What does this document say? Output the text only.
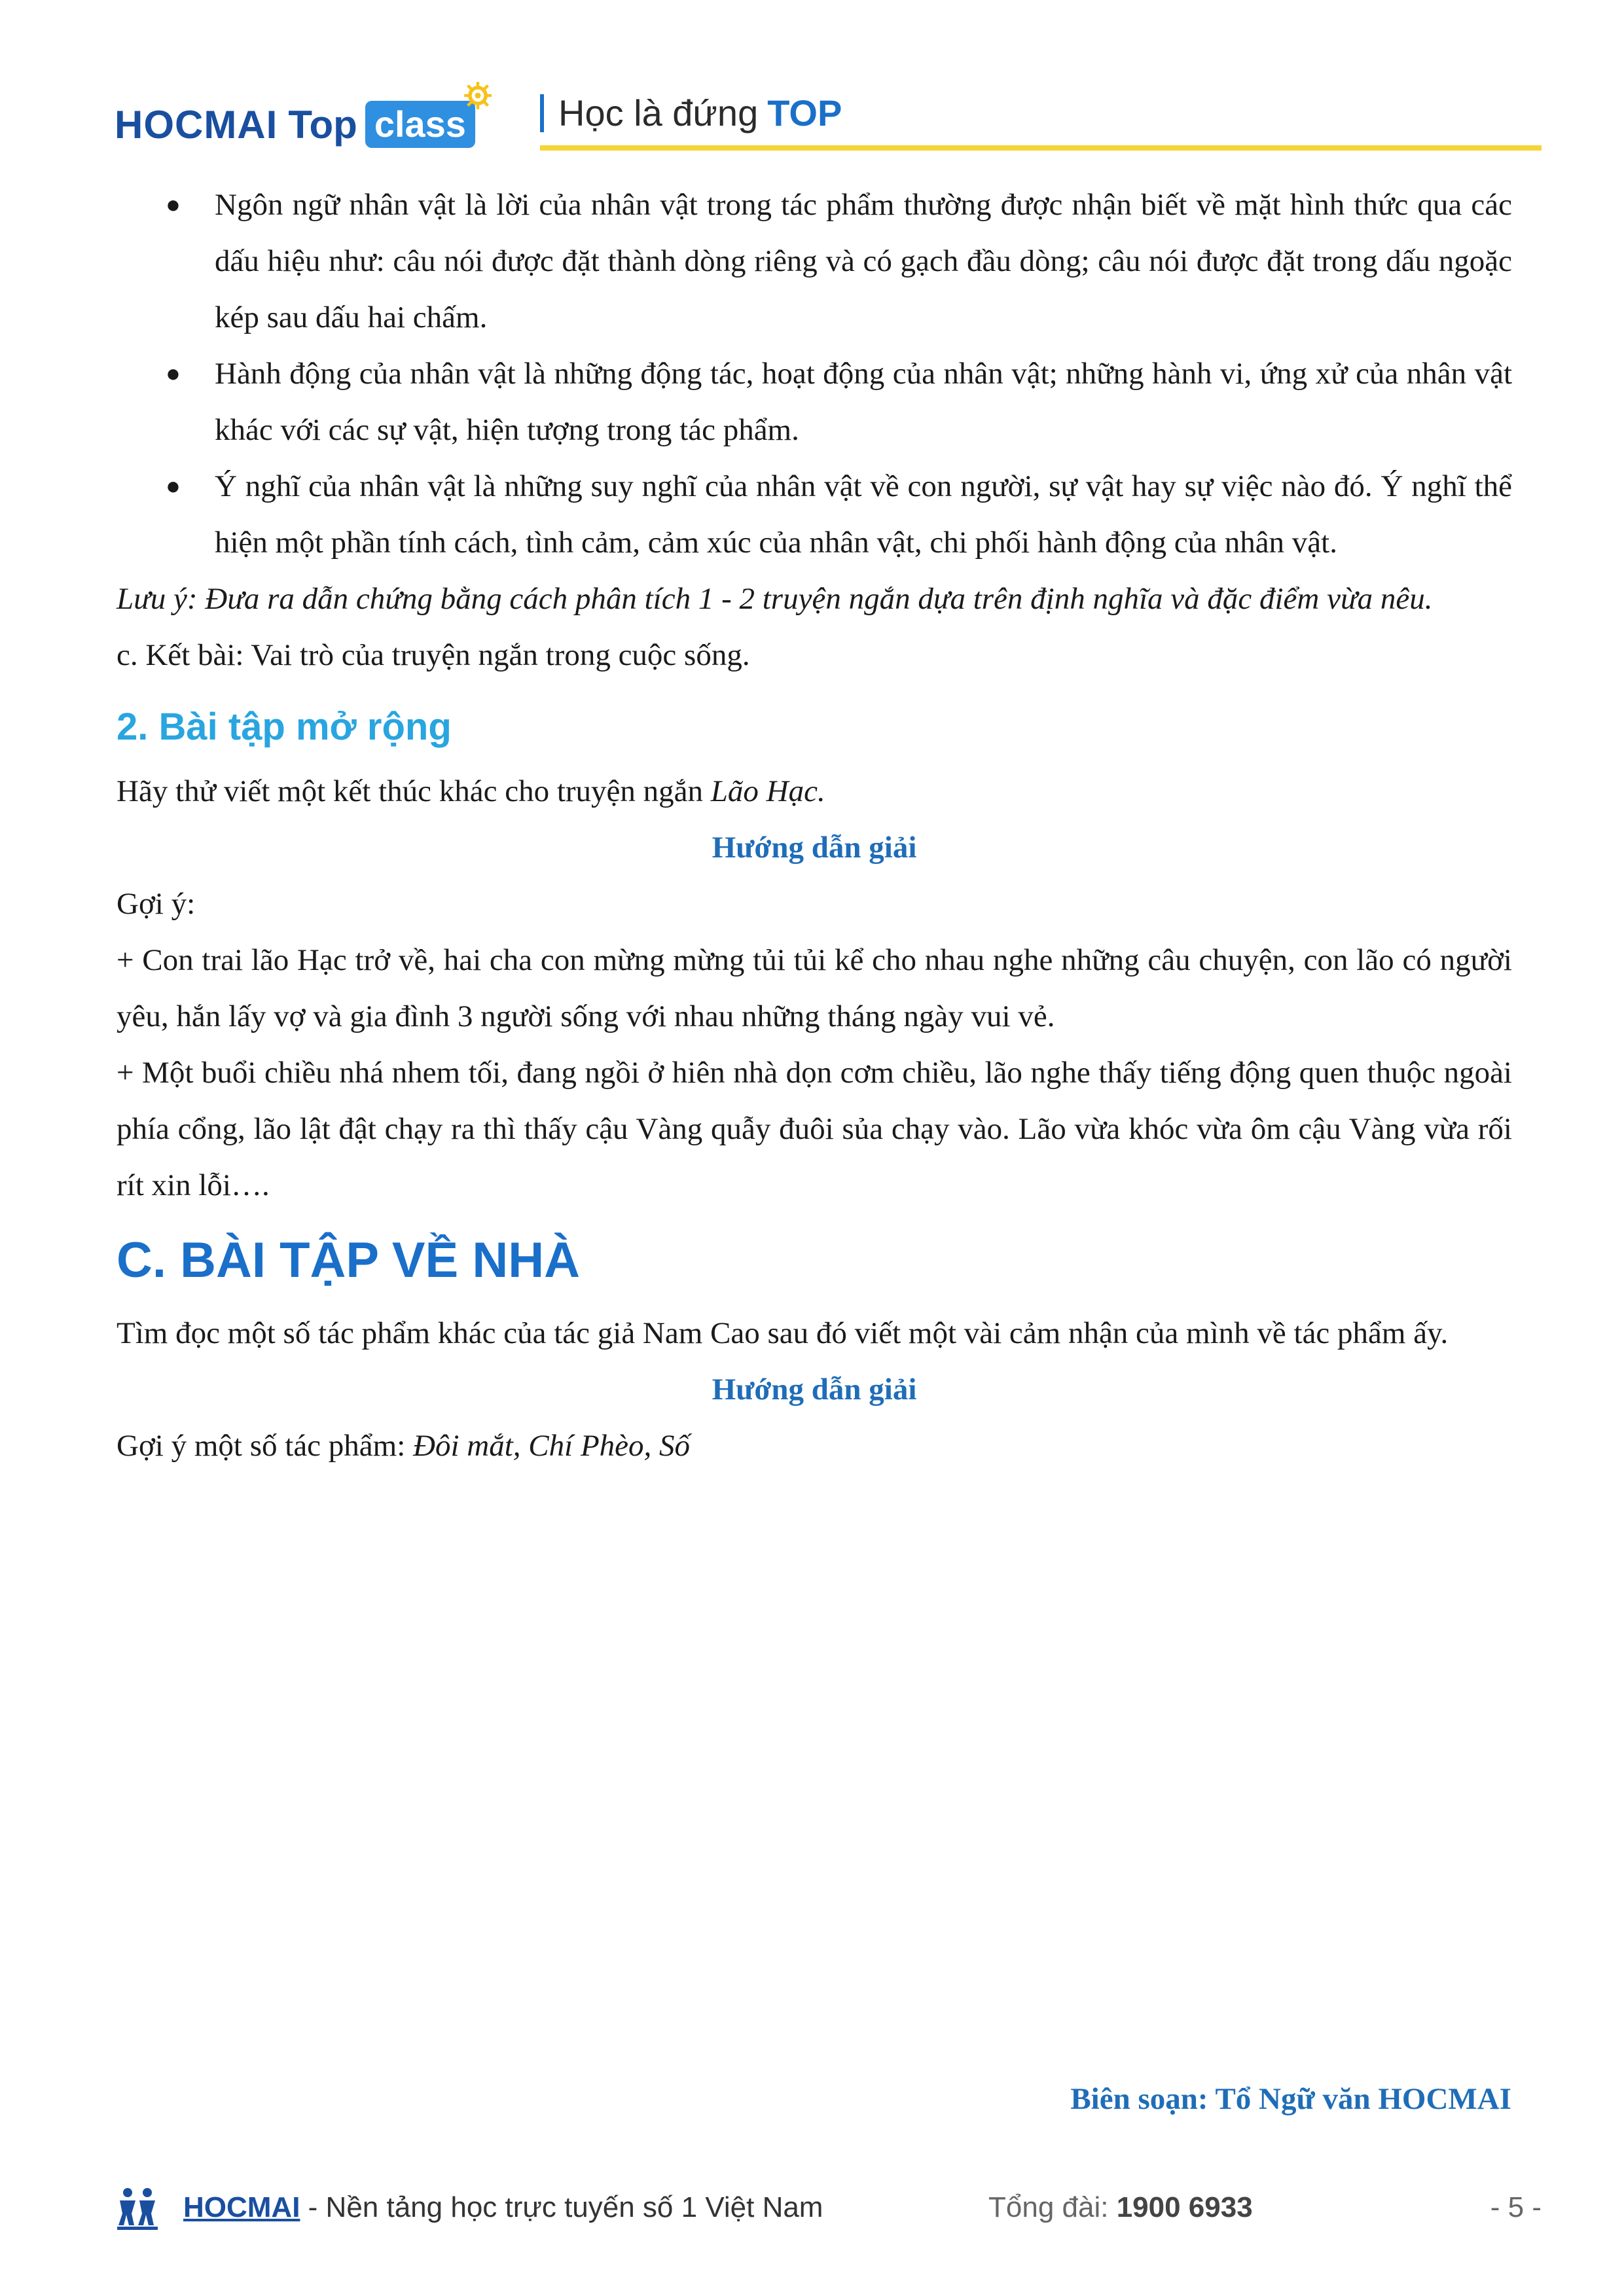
HOCMAI Top class	Học là đứng TOP
● Ngôn ngữ nhân vật là lời của nhân vật trong tác phẩm thường được nhận biết về mặt hình thức qua các dấu hiệu như: câu nói được đặt thành dòng riêng và có gạch đầu dòng; câu nói được đặt trong dấu ngoặc kép sau dấu hai chấm.
● Hành động của nhân vật là những động tác, hoạt động của nhân vật; những hành vi, ứng xử của nhân vật khác với các sự vật, hiện tượng trong tác phẩm.
● Ý nghĩ của nhân vật là những suy nghĩ của nhân vật về con người, sự vật hay sự việc nào đó. Ý nghĩ thể hiện một phần tính cách, tình cảm, cảm xúc của nhân vật, chi phối hành động của nhân vật.

Lưu ý: Đưa ra dẫn chứng bằng cách phân tích 1 - 2 truyện ngắn dựa trên định nghĩa và đặc điểm vừa nêu.

c. Kết bài: Vai trò của truyện ngắn trong cuộc sống.

2. Bài tập mở rộng

Hãy thử viết một kết thúc khác cho truyện ngắn Lão Hạc.

Hướng dẫn giải

Gợi ý:

+ Con trai lão Hạc trở về, hai cha con mừng mừng tủi tủi kể cho nhau nghe những câu chuyện, con lão có người yêu, hắn lấy vợ và gia đình 3 người sống với nhau những tháng ngày vui vẻ.

+ Một buổi chiều nhá nhem tối, đang ngồi ở hiên nhà dọn cơm chiều, lão nghe thấy tiếng động quen thuộc ngoài phía cổng, lão lật đật chạy ra thì thấy cậu Vàng quẫy đuôi sủa chạy vào. Lão vừa khóc vừa ôm cậu Vàng vừa rối rít xin lỗi….

C. BÀI TẬP VỀ NHÀ

Tìm đọc một số tác phẩm khác của tác giả Nam Cao sau đó viết một vài cảm nhận của mình về tác phẩm ấy.

Hướng dẫn giải

Gợi ý một số tác phẩm: Đôi mắt, Chí Phèo, Số

Biên soạn: Tổ Ngữ văn HOCMAI
HOCMAI - Nền tảng học trực tuyến số 1 Việt Nam	Tổng đài: 1900 6933	- 5 -
